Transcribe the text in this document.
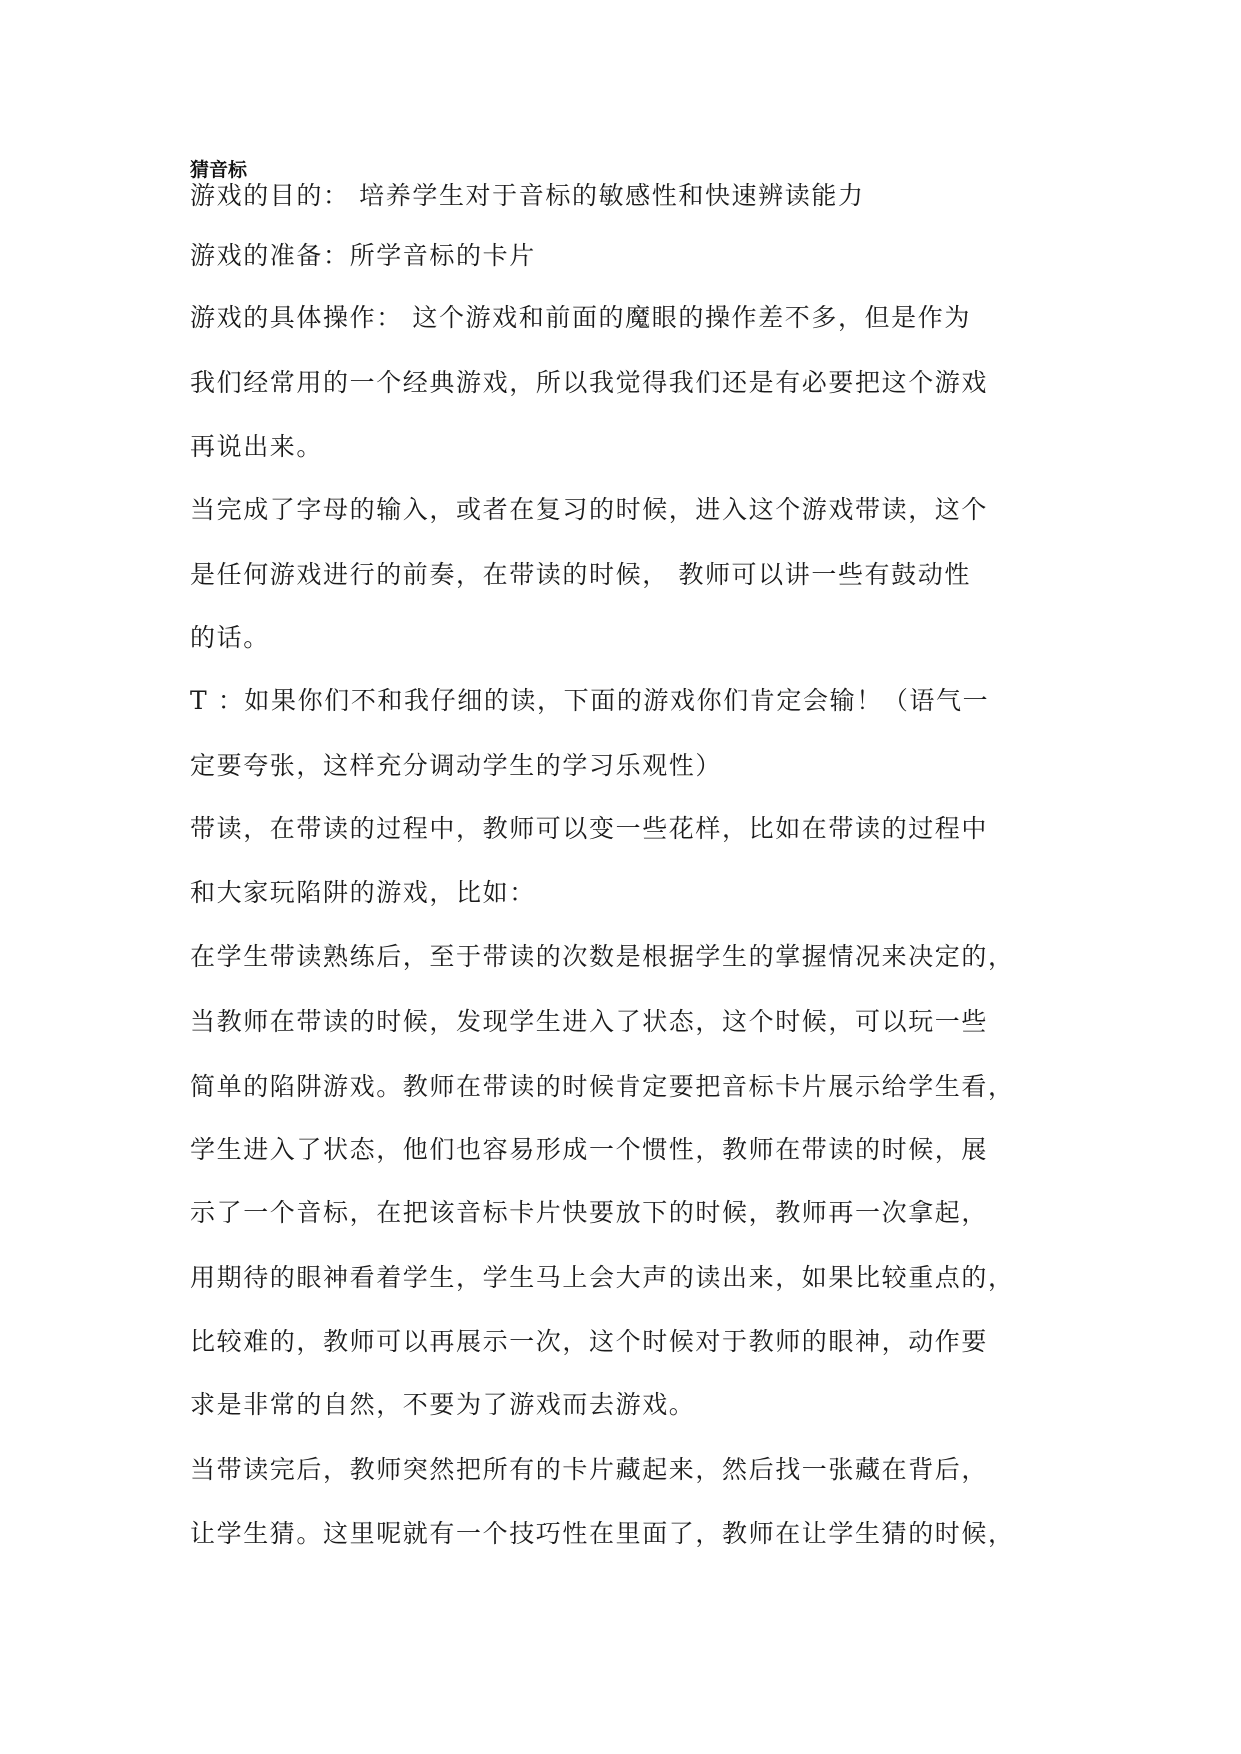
猜音标
游戏的目的： 培养学生对于音标的敏感性和快速辨读能力
游戏的准备：所学音标的卡片
游戏的具体操作： 这个游戏和前面的魔眼的操作差不多，但是作为
我们经常用的一个经典游戏，所以我觉得我们还是有必要把这个游戏
再说出来。
当完成了字母的输入，或者在复习的时候，进入这个游戏带读，这个
是任何游戏进行的前奏，在带读的时候， 教师可以讲一些有鼓动性
的话。
T ：如果你们不和我仔细的读，下面的游戏你们肯定会输！（语气一
定要夸张，这样充分调动学生的学习乐观性）
带读，在带读的过程中，教师可以变一些花样，比如在带读的过程中
和大家玩陷阱的游戏，比如：
在学生带读熟练后，至于带读的次数是根据学生的掌握情况来决定的，
当教师在带读的时候，发现学生进入了状态，这个时候，可以玩一些
简单的陷阱游戏。教师在带读的时候肯定要把音标卡片展示给学生看，
学生进入了状态，他们也容易形成一个惯性，教师在带读的时候，展
示了一个音标，在把该音标卡片快要放下的时候，教师再一次拿起，
用期待的眼神看着学生，学生马上会大声的读出来，如果比较重点的，
比较难的，教师可以再展示一次，这个时候对于教师的眼神，动作要
求是非常的自然，不要为了游戏而去游戏。
当带读完后，教师突然把所有的卡片藏起来，然后找一张藏在背后，
让学生猜。这里呢就有一个技巧性在里面了，教师在让学生猜的时候，
